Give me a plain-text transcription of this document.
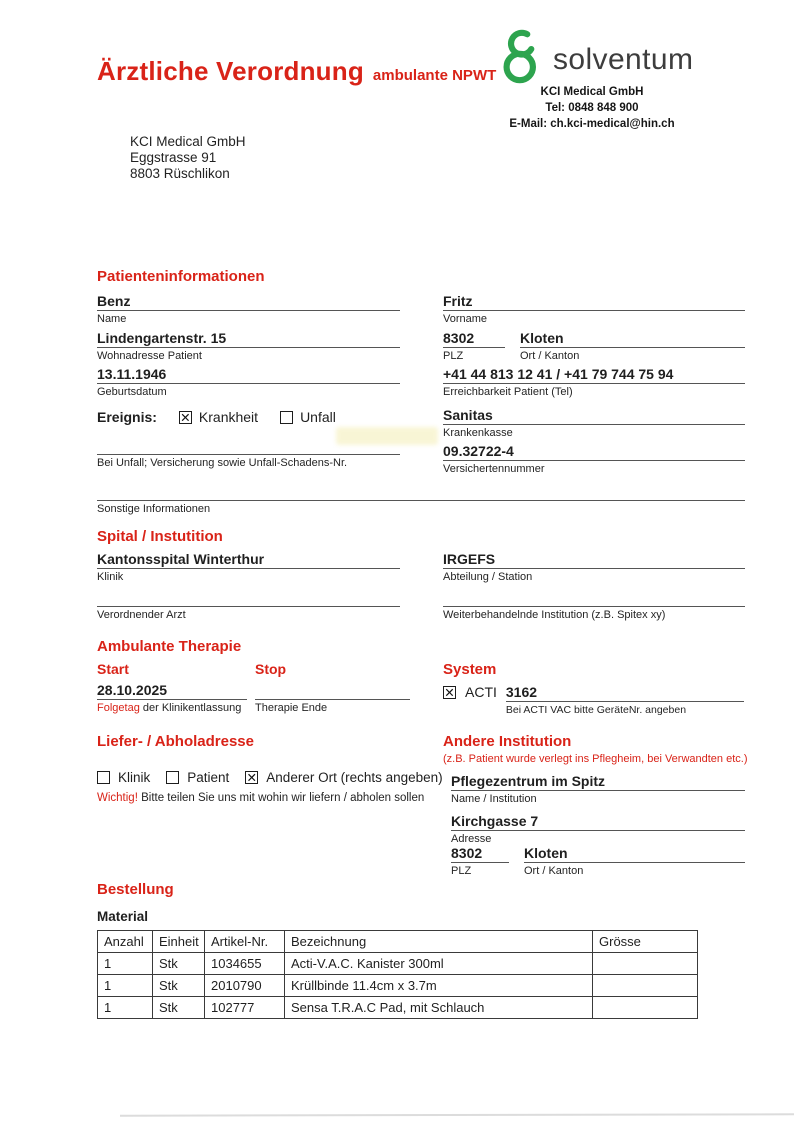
Ärztliche Verordnung ambulante NPWT solventum
KCI Medical GmbH
Tel: 0848 848 900
E-Mail: ch.kci-medical@hin.ch
KCI Medical GmbH
Eggstrasse 91
8803 Rüschlikon
Patienteninformationen
Benz
Name
Fritz
Vorname
Lindengartenstr. 15
Wohnadresse Patient
8302
PLZ
Kloten
Ort / Kanton
13.11.1946
Geburtsdatum
+41 44 813 12 41 / +41 79 744 75 94
Erreichbarkeit Patient (Tel)
Ereignis: ✕	Krankheit	Unfall	Sanitas
Krankenkasse
Bei Unfall; Versicherung sowie Unfall-Schadens-Nr.
09.32722-4
Versichertennummer
Sonstige Informationen
Spital / Instutition
Kantonsspital Winterthur
Klinik
IRGEFS
Abteilung / Station
Verordnender Arzt	Weiterbehandelnde Institution (z.B. Spitex xy)
Ambulante Therapie
Start	Stop
28.10.2025
Folgetag der Klinikentlassung	Therapie Ende
System
✕
ACTI 3162
Bei ACTI VAC bitte GeräteNr. angeben
Liefer- / Abholadresse
Klinik	Patient ✕	Anderer Ort (rechts angeben)
Wichtig! Bitte teilen Sie uns mit wohin wir liefern / abholen sollen
Andere Institution
(z.B. Patient wurde verlegt ins Pflegheim, bei Verwandten etc.)
Pflegezentrum im Spitz
Name / Institution
Kirchgasse 7
Adresse
8302
PLZ
Kloten
Ort / Kanton
Bestellung
Material
Anzahl	Einheit	Artikel-Nr.	Bezeichnung	Grösse
1	Stk	1034655	Acti-V.A.C. Kanister 300ml	
1	Stk	2010790	Krüllbinde 11.4cm x 3.7m	
1	Stk	102777	Sensa T.R.A.C Pad, mit Schlauch	
